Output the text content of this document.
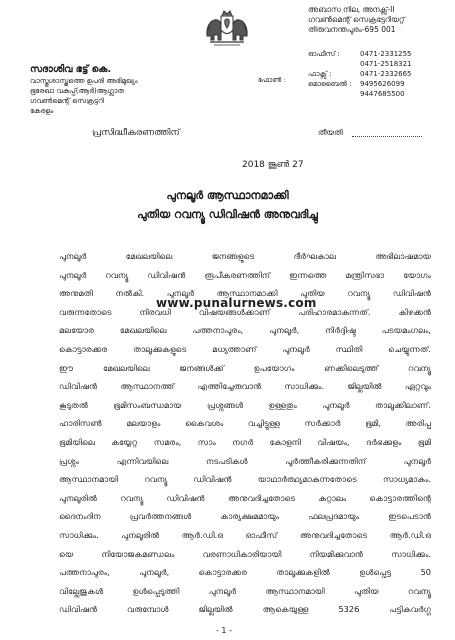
സദാശിവ ഭട്ട് കെ.
വാസ്തുശാസ്ത്രത്തെ ഉപരി അഭിമുഖ്യം
ഭൂരേഖാ വകുപ്പ്(ആർ)ആഗ്ലാത
ഗവൺമെന്റ് സെക്രട്ടറി
കേരളം
അബാസ നില, അനക്സ്-II
ഗവൺമെന്റ് സെക്രട്ടേറിയറ്റ്
തിരുവനന്തപുരം-695 001
ഫോൺ :
ഓഫീസ് :	0471-2331255
0471-2518321
ഫാക്സ് :	0471-2332665
മൊബൈൽ : 9495626099
9447685500
പ്രസിദ്ധീകരണത്തിന്	തീയതി
2018 ജൂൺ 27
പുനലൂർ ആസ്ഥാനമാക്കി
പുതിയ റവന്യൂ ഡിവിഷൻ അനുവദിച്ചു
പുനലൂർ മേഖലയിലെ ജനങ്ങളുടെ ദീർഘകാല അഭിലാഷമായ
പുനലൂർ റവന്യൂ ഡിവിഷൻ രൂപീകരണത്തിന് ഇന്നത്തെ മന്ത്രിസഭാ യോഗം
അനുമതി നൽകി. പുനലൂർ ആസ്ഥാനമാക്കി പുതിയ റവന്യൂ ഡിവിഷൻ
വരുന്നതോടെ നിരവധി വിഷയങ്ങൾക്കാണ് പരിഹാരമാകുന്നത്. കിഴക്കൻ
മലയോര മേഖലയിലെ പത്തനാപുരം, പുനലൂർ, നിർദ്ദിഷ്ട പടയമംഗലം,
കൊട്ടാരക്കര താലൂക്കുകളുടെ മധ്യത്താണ് പുനലൂർ സ്ഥിതി ചെയ്യുന്നത്.
ഈ മേഖലയിലെ ജനങ്ങൾക്ക് ഉപയോഗം ണക്കിലെടുത്ത് റവന്യൂ
ഡിവിഷൻ ആസ്ഥാനത്ത് എത്തിച്ചേരുവാൻ സാധിക്കും. ജില്ലയിൽ ഏറ്റവും
കൂടുതൽ ഭൂമിസംബന്ധമായ പ്രശ്നങ്ങൾ ഉള്ളതും പുനലൂർ താലൂക്കിലാണ്.
ഹാരിസൺ മലയാളം കൈവശം വച്ചിട്ടുള്ള സർക്കാർ ഭൂമി, അരിപ്പ
ഭൂമിയിലെ കയ്യേറ്റ സമരം, സാം നഗർ കോളനി വിഷയം, ദർഭക്കുളം ഭൂമി
പ്രശ്നം എന്നിവയിലെ നടപടികൾ പൂർത്തീകരിക്കുന്നതിന് പുനലൂർ
ആസ്ഥാനമായി റവന്യൂ ഡിവിഷൻ യാഥാർത്ഥ്യമാകുന്നതോടെ സാധ്യമാകും.
പുനലൂരിൽ റവന്യൂ ഡിവിഷൻ അനുവദിച്ചതോടെ കുറ്റാലം കൊട്ടാരത്തിന്റെ
ദൈനംദിന പ്രവർത്തനങ്ങൾ കാര്യക്ഷമമായും ഫലപ്രദമായും ഇടപെടാൻ
സാധിക്കും. പുനലൂരിൽ ആർ.ഡി.ഒ ഓഫീസ് അനുവദിച്ചതോടെ ആർ.ഡി.ഒ
യെ നിയോജകമണ്ഡലം വരണാധികാരിയായി നിയമിക്കുവാൻ സാധിക്കും.
പത്തനാപുരം, പുനലൂർ, കൊട്ടാരക്കര താലൂക്കുകളിൽ ഉൾപ്പെട്ട 50
വില്ലേജുകൾ ഉൾപ്പെടുത്തി പുനലൂർ ആസ്ഥാനമായി പുതിയ റവന്യൂ
ഡിവിഷൻ വരുമ്പോൾ ജില്ലയിൽ ആകെയുള്ള 5326 പട്ടികവർഗ്ഗ
www.punalurnews.com
- 1 -
